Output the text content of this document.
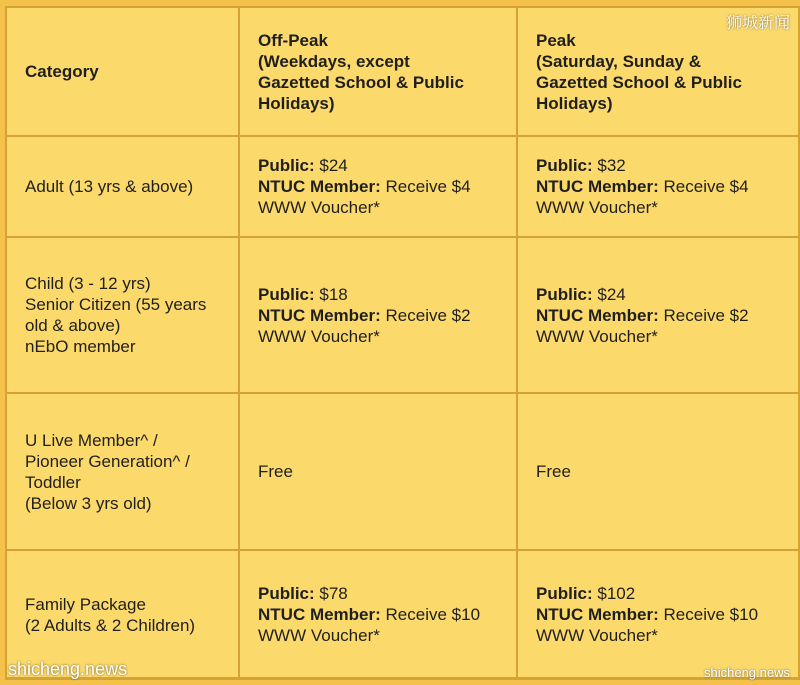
Category	Off-Peak
(Weekdays, except
Gazetted School & Public
Holidays)	Peak
(Saturday, Sunday &
Gazetted School & Public
Holidays)

Adult (13 yrs & above)	Public: $24
NTUC Member: Receive $4
WWW Voucher*	Public: $32
NTUC Member: Receive $4
WWW Voucher*

Child (3 - 12 yrs)
Senior Citizen (55 years
old & above)
nEbO member	Public: $18
NTUC Member: Receive $2
WWW Voucher*	Public: $24
NTUC Member: Receive $2
WWW Voucher*

U Live Member^ /
Pioneer Generation^ /
Toddler
(Below 3 yrs old)	Free	Free

Family Package
(2 Adults & 2 Children)	Public: $78
NTUC Member: Receive $10
WWW Voucher*	Public: $102
NTUC Member: Receive $10
WWW Voucher*
狮城新闻
shicheng.news	shicheng.news
